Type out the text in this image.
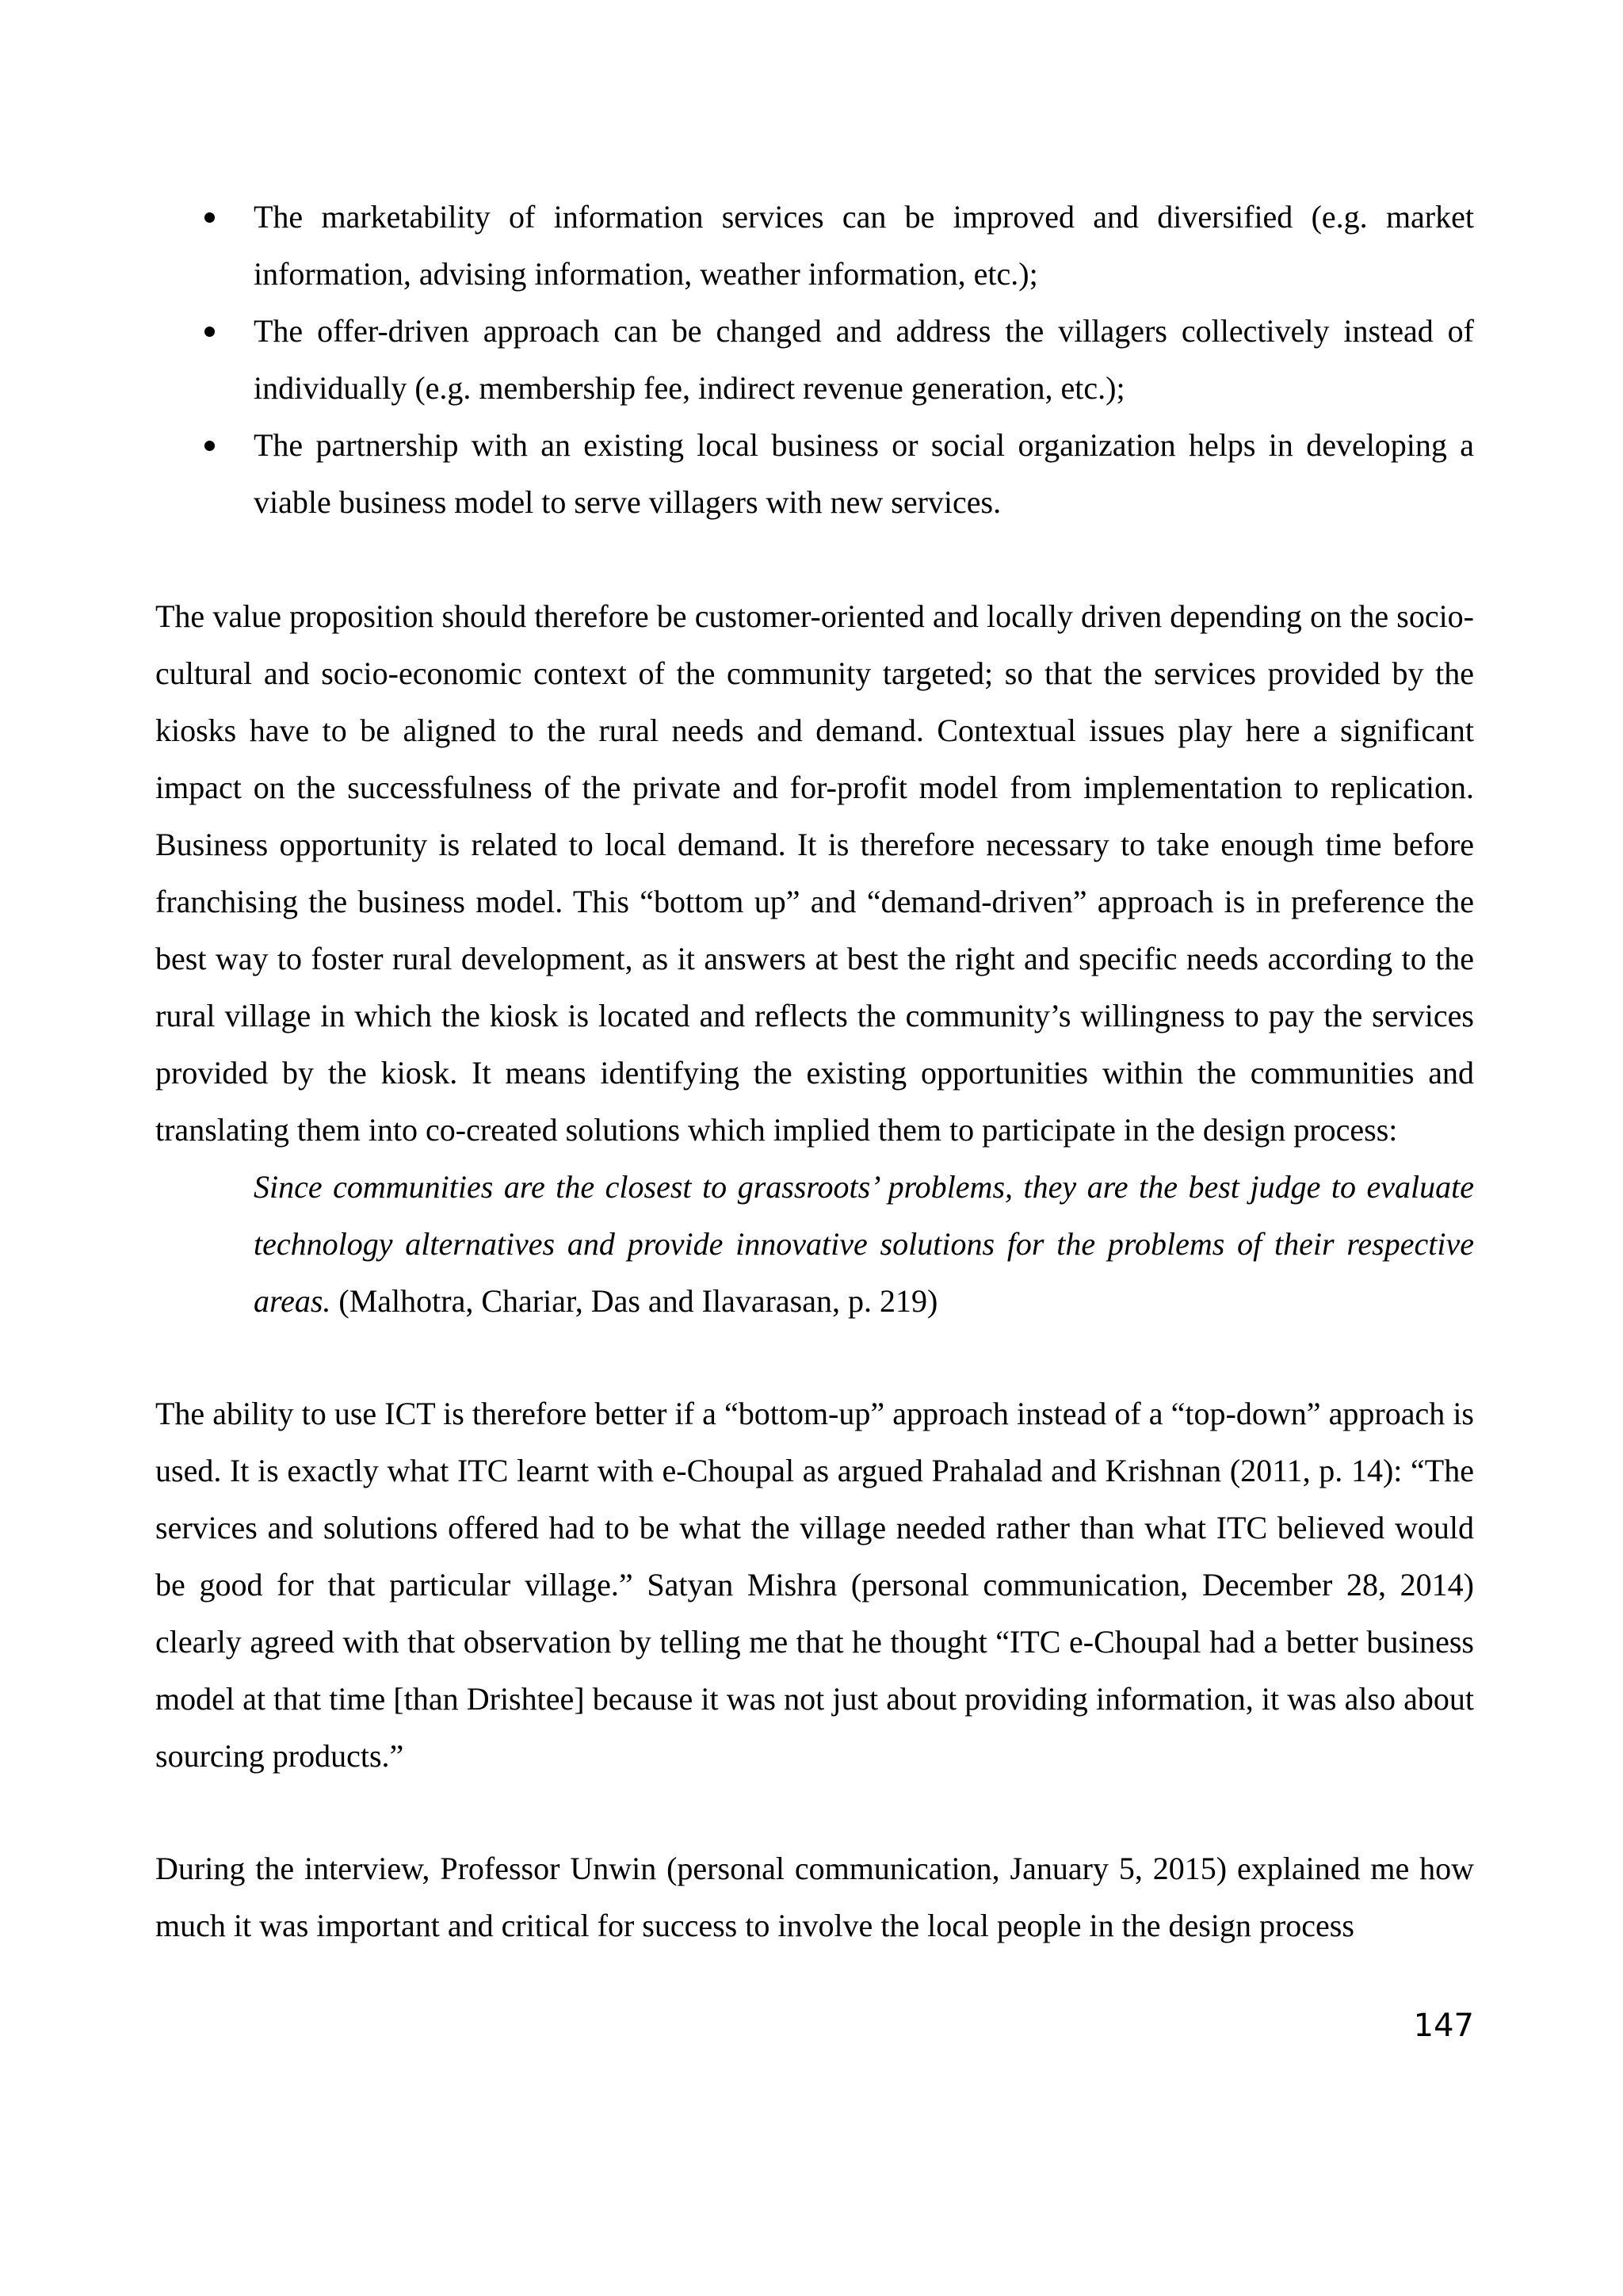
The marketability of information services can be improved and diversified (e.g. market information, advising information, weather information, etc.);
The offer-driven approach can be changed and address the villagers collectively instead of individually (e.g. membership fee, indirect revenue generation, etc.);
The partnership with an existing local business or social organization helps in developing a viable business model to serve villagers with new services.

The value proposition should therefore be customer-oriented and locally driven depending on the socio-cultural and socio-economic context of the community targeted; so that the services provided by the kiosks have to be aligned to the rural needs and demand. Contextual issues play here a significant impact on the successfulness of the private and for-profit model from implementation to replication. Business opportunity is related to local demand. It is therefore necessary to take enough time before franchising the business model. This “bottom up” and “demand-driven” approach is in preference the best way to foster rural development, as it answers at best the right and specific needs according to the rural village in which the kiosk is located and reflects the community’s willingness to pay the services provided by the kiosk. It means identifying the existing opportunities within the communities and translating them into co-created solutions which implied them to participate in the design process:

Since communities are the closest to grassroots’ problems, they are the best judge to evaluate technology alternatives and provide innovative solutions for the problems of their respective areas. (Malhotra, Chariar, Das and Ilavarasan, p. 219)

The ability to use ICT is therefore better if a “bottom-up” approach instead of a “top-down” approach is used. It is exactly what ITC learnt with e-Choupal as argued Prahalad and Krishnan (2011, p. 14): “The services and solutions offered had to be what the village needed rather than what ITC believed would be good for that particular village.” Satyan Mishra (personal communication, December 28, 2014) clearly agreed with that observation by telling me that he thought “ITC e-Choupal had a better business model at that time [than Drishtee] because it was not just about providing information, it was also about sourcing products.”

During the interview, Professor Unwin (personal communication, January 5, 2015) explained me how much it was important and critical for success to involve the local people in the design process

147
